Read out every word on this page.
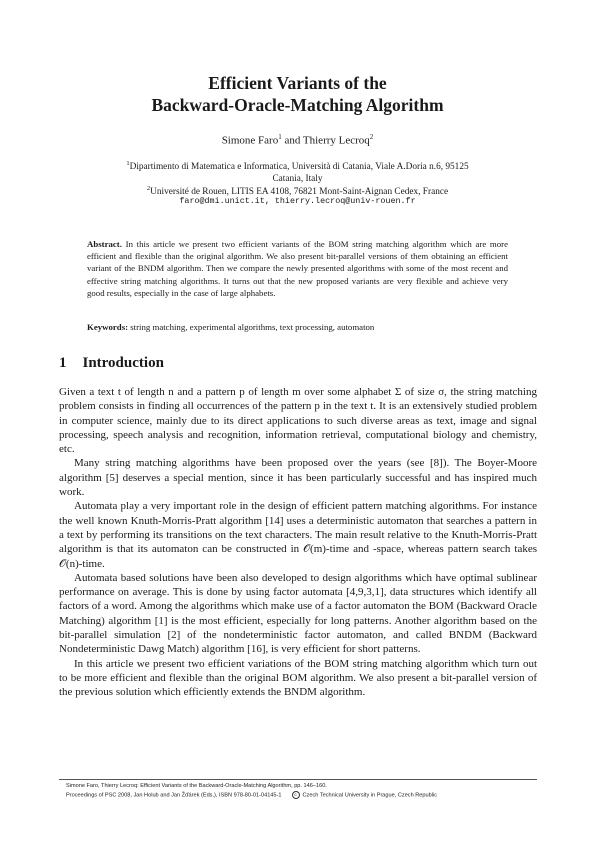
Efficient Variants of the
Backward-Oracle-Matching Algorithm
Simone Faro$^1$ and Thierry Lecroq$^2$
$^1$Dipartimento di Matematica e Informatica, Università di Catania, Viale A.Doria n.6, 95125
Catania, Italy
$^2$Université de Rouen, LITIS EA 4108, 76821 Mont-Saint-Aignan Cedex, France
faro@dmi.unict.it, thierry.lecroq@univ-rouen.fr
Abstract. In this article we present two efficient variants of the BOM string matching algorithm which are more efficient and flexible than the original algorithm. We also present bit-parallel versions of them obtaining an efficient variant of the BNDM algorithm. Then we compare the newly presented algorithms with some of the most recent and effective string matching algorithms. It turns out that the new proposed variants are very flexible and achieve very good results, especially in the case of large alphabets.
Keywords: string matching, experimental algorithms, text processing, automaton
1 Introduction

Given a text t of length n and a pattern p of length m over some alphabet Σ of size σ, the string matching problem consists in finding all occurrences of the pattern p in the text t. It is an extensively studied problem in computer science, mainly due to its direct applications to such diverse areas as text, image and signal processing, speech analysis and recognition, information retrieval, computational biology and chemistry, etc.

Many string matching algorithms have been proposed over the years (see [8]). The Boyer-Moore algorithm [5] deserves a special mention, since it has been particularly successful and has inspired much work.

Automata play a very important role in the design of efficient pattern matching algorithms. For instance the well known Knuth-Morris-Pratt algorithm [14] uses a deterministic automaton that searches a pattern in a text by performing its transitions on the text characters. The main result relative to the Knuth-Morris-Pratt algorithm is that its automaton can be constructed in 𝒪(m)-time and -space, whereas pattern search takes 𝒪(n)-time.

Automata based solutions have been also developed to design algorithms which have optimal sublinear performance on average. This is done by using factor automata [4,9,3,1], data structures which identify all factors of a word. Among the algorithms which make use of a factor automaton the BOM (Backward Oracle Matching) algorithm [1] is the most efficient, especially for long patterns. Another algorithm based on the bit-parallel simulation [2] of the nondeterministic factor automaton, and called BNDM (Backward Nondeterministic Dawg Match) algorithm [16], is very efficient for short patterns.

In this article we present two efficient variations of the BOM string matching algorithm which turn out to be more efficient and flexible than the original BOM algorithm. We also present a bit-parallel version of the previous solution which efficiently extends the BNDM algorithm.

Simone Faro, Thierry Lecroq: Efficient Variants of the Backward-Oracle-Matching Algorithm, pp. 146–160.
Proceedings of PSC 2008, Jan Holub and Jan Žďárek (Eds.), ISBN 978-80-01-04145-1	c Czech Technical University in Prague, Czech Republic
